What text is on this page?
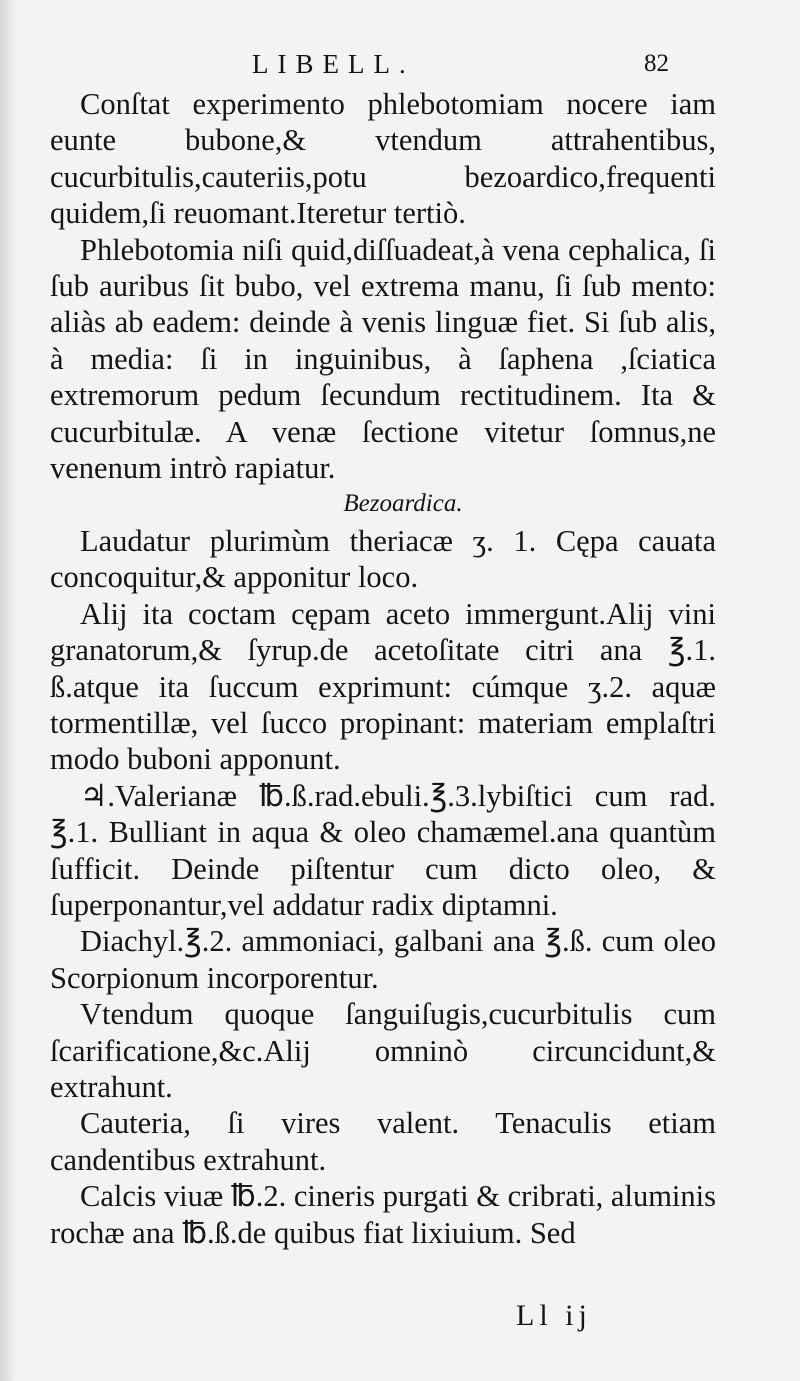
LIBELL.	82

Conſtat experimento phlebotomiam nocere iam eunte bubone,& vtendum attrahentibus, cucurbitulis,cauteriis,potu bezoardico,frequenti quidem,ſi reuomant.Iteretur tertiò.

Phlebotomia niſi quid,diſſuadeat,à vena cephalica, ſi ſub auribus ſit bubo, vel extrema manu, ſi ſub mento: aliàs ab eadem: deinde à venis linguæ fiet. Si ſub alis, à media: ſi in inguinibus, à ſaphena ,ſciatica extremorum pedum ſecundum rectitudinem. Ita & cucurbitulæ. A venæ ſectione vitetur ſomnus,ne venenum intrò rapiatur.

Bezoardica.

Laudatur plurimùm theriacæ ʒ. 1. Cępa cauata concoquitur,& apponitur loco.

Alij ita coctam cępam aceto immergunt.Alij vini granatorum,& ſyrup.de acetoſitate citri ana ℥.1. ß.atque ita ſuccum exprimunt: cúmque ʒ.2. aquæ tormentillæ, vel ſucco propinant: materiam emplaſtri modo buboni apponunt.

♃.Valerianæ ℔.ß.rad.ebuli.℥.3.lybiſtici cum rad. ℥.1. Bulliant in aqua & oleo chamæmel.ana quantùm ſufficit. Deinde piſtentur cum dicto oleo, & ſuperponantur,vel addatur radix diptamni.

Diachyl.℥.2. ammoniaci, galbani ana ℥.ß. cum oleo Scorpionum incorporentur.

Vtendum quoque ſanguiſugis,cucurbitulis cum ſcarificatione,&c.Alij omninò circuncidunt,& extrahunt.

Cauteria, ſi vires valent. Tenaculis etiam candentibus extrahunt.

Calcis viuæ ℔.2. cineris purgati & cribrati, aluminis rochæ ana ℔.ß.de quibus fiat lixiuium. Sed

Ll ij
